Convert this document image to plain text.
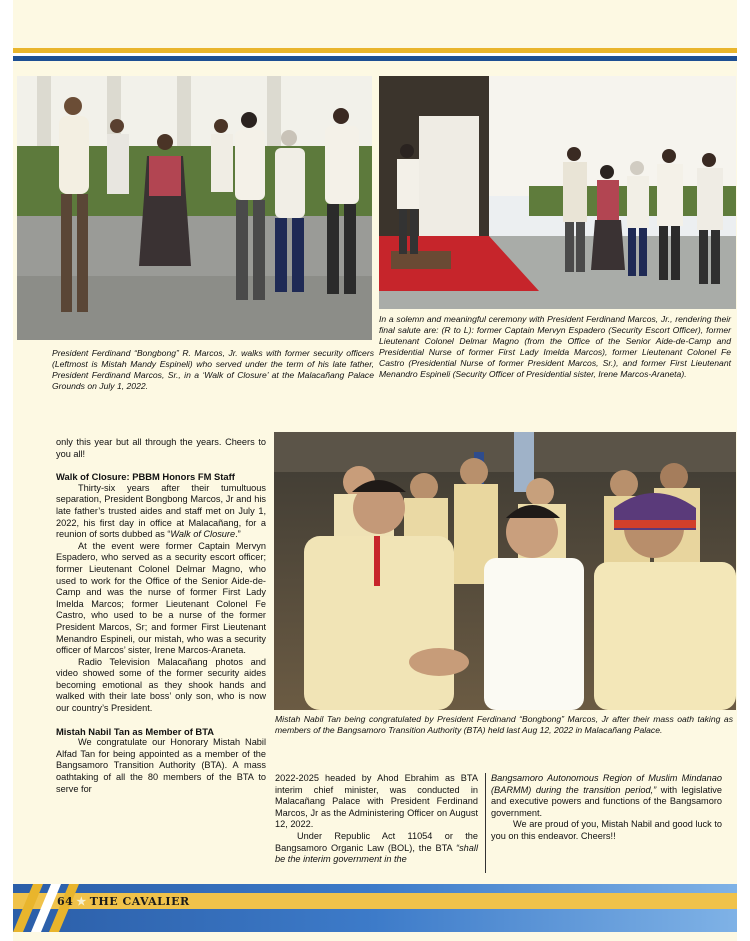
President Ferdinand “Bongbong” R. Marcos, Jr. walks with former security officers (Leftmost is Mistah Mandy Espineli) who served under the term of his late father, President Ferdinand Marcos, Sr., in a ‘Walk of Closure’ at the Malacañang Palace Grounds on July 1, 2022.
In a solemn and meaningful ceremony with President Ferdinand Marcos, Jr., rendering their final salute are: (R to L): former Captain Mervyn Espadero (Security Escort Officer), former Lieutenant Colonel Delmar Magno (from the Office of the Senior Aide-de-Camp and Presidential Nurse of former First Lady Imelda Marcos), former Lieutenant Colonel Fe Castro (Presidential Nurse of former President Marcos, Sr.), and former First Lieutenant Menandro Espineli (Security Officer of Presidential sister, Irene Marcos-Araneta).
Mistah Nabil Tan being congratulated by President Ferdinand “Bongbong” Marcos, Jr after their mass oath taking as members of the Bangsamoro Transition Authority (BTA) held last Aug 12, 2022 in Malacañang Palace.

only this year but all through the years. Cheers to you all!

Walk of Closure: PBBM Honors FM Staff

Thirty-six years after their tumultuous separation, President Bongbong Marcos, Jr and his late father’s trusted aides and staff met on July 1, 2022, his first day in office at Malacañang, for a reunion of sorts dubbed as “Walk of Closure.”

At the event were former Captain Mervyn Espadero, who served as a security escort officer; former Lieutenant Colonel Delmar Magno, who used to work for the Office of the Senior Aide-de-Camp and was the nurse of former First Lady Imelda Marcos; former Lieutenant Colonel Fe Castro, who used to be a nurse of the former President Marcos, Sr; and former First Lieutenant Menandro Espineli, our mistah, who was a security officer of Marcos’ sister, Irene Marcos-Araneta.

Radio Television Malacañang photos and video showed some of the former security aides becoming emotional as they shook hands and walked with their late boss’ only son, who is now our country’s President.

Mistah Nabil Tan as Member of BTA

We congratulate our Honorary Mistah Nabil Alfad Tan for being appointed as a member of the Bangsamoro Transition Authority (BTA). A mass oathtaking of all the 80 members of the BTA to serve for

2022-2025 headed by Ahod Ebrahim as BTA interim chief minister, was conducted in Malacañang Palace with President Ferdinand Marcos, Jr as the Administering Officer on August 12, 2022.

Under Republic Act 11054 or the Bangsamoro Organic Law (BOL), the BTA “shall be the interim government in the

Bangsamoro Autonomous Region of Muslim Mindanao (BARMM) during the transition period,” with legislative and executive powers and functions of the Bangsamoro government.

We are proud of you, Mistah Nabil and good luck to you on this endeavor. Cheers!!

64 ★ THE CAVALIER
